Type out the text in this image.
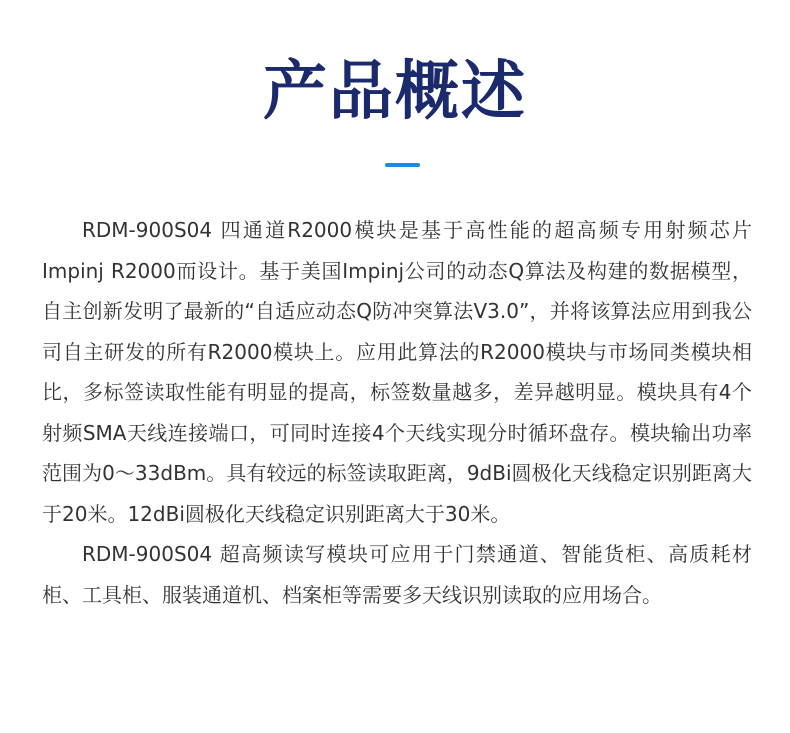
产品概述

RDM-900S04 四通道R2000模块是基于高性能的超高频专用射频芯片Impinj R2000而设计。基于美国Impinj公司的动态Q算法及构建的数据模型，自主创新发明了最新的“自适应动态Q防冲突算法V3.0”，并将该算法应用到我公司自主研发的所有R2000模块上。应用此算法的R2000模块与市场同类模块相比，多标签读取性能有明显的提高，标签数量越多，差异越明显。模块具有4个射频SMA天线连接端口，可同时连接4个天线实现分时循环盘存。模块输出功率范围为0～33dBm。具有较远的标签读取距离，9dBi圆极化天线稳定识别距离大于20米。12dBi圆极化天线稳定识别距离大于30米。

RDM-900S04 超高频读写模块可应用于门禁通道、智能货柜、高质耗材柜、工具柜、服装通道机、档案柜等需要多天线识别读取的应用场合。
